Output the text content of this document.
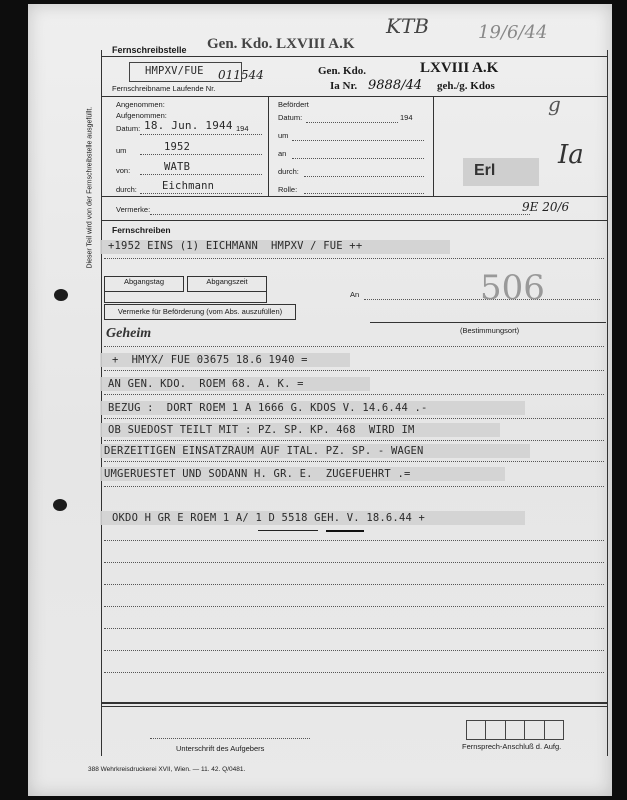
Dieser Teil wird von der Fernschreibstelle ausgefüllt.
Fernschreibstelle Gen. Kdo. LXVIII A.K
KTB	19/6/44
HMPXV/FUE 011544
Fernschreibname Laufende Nr.
Gen. Kdo.	LXVIII A.K
Ia Nr. 9888/44 geh./g. Kdos
Angenommen:
Aufgenommen:
Datum: 18. Jun. 1944 194
um	1952
von:	WATB
durch: Eichmann
Befördert
Datum:	194
um
an
durch:
Rolle:
g
Erl
Ia
9E 20/6
Vermerke:
Fernschreiben
+1952 EINS (1) EICHMANN  HMPXV / FUE ++
Abgangstag	Abgangszeit
An	506
Vermerke für Beförderung (vom Abs. auszufüllen)
(Bestimmungsort)
Geheim
+  HMYX/ FUE 03675 18.6 1940 =
AN GEN. KDO.  ROEM 68. A. K. =
BEZUG :  DORT ROEM 1 A 1666 G. KDOS V. 14.6.44 .-
OB SUEDOST TEILT MIT : PZ. SP. KP. 468  WIRD IM
DERZEITIGEN EINSATZRAUM AUF ITAL. PZ. SP. - WAGEN
UMGERUESTET UND SODANN H. GR. E.  ZUGEFUEHRT .=
OKDO H GR E ROEM 1 A/ 1 D 5518 GEH. V. 18.6.44 +
Unterschrift des Aufgebers	Fernsprech-Anschluß d. Aufg.
388 Wehrkreisdruckerei XVII, Wien. — 11. 42. Q/0481.
